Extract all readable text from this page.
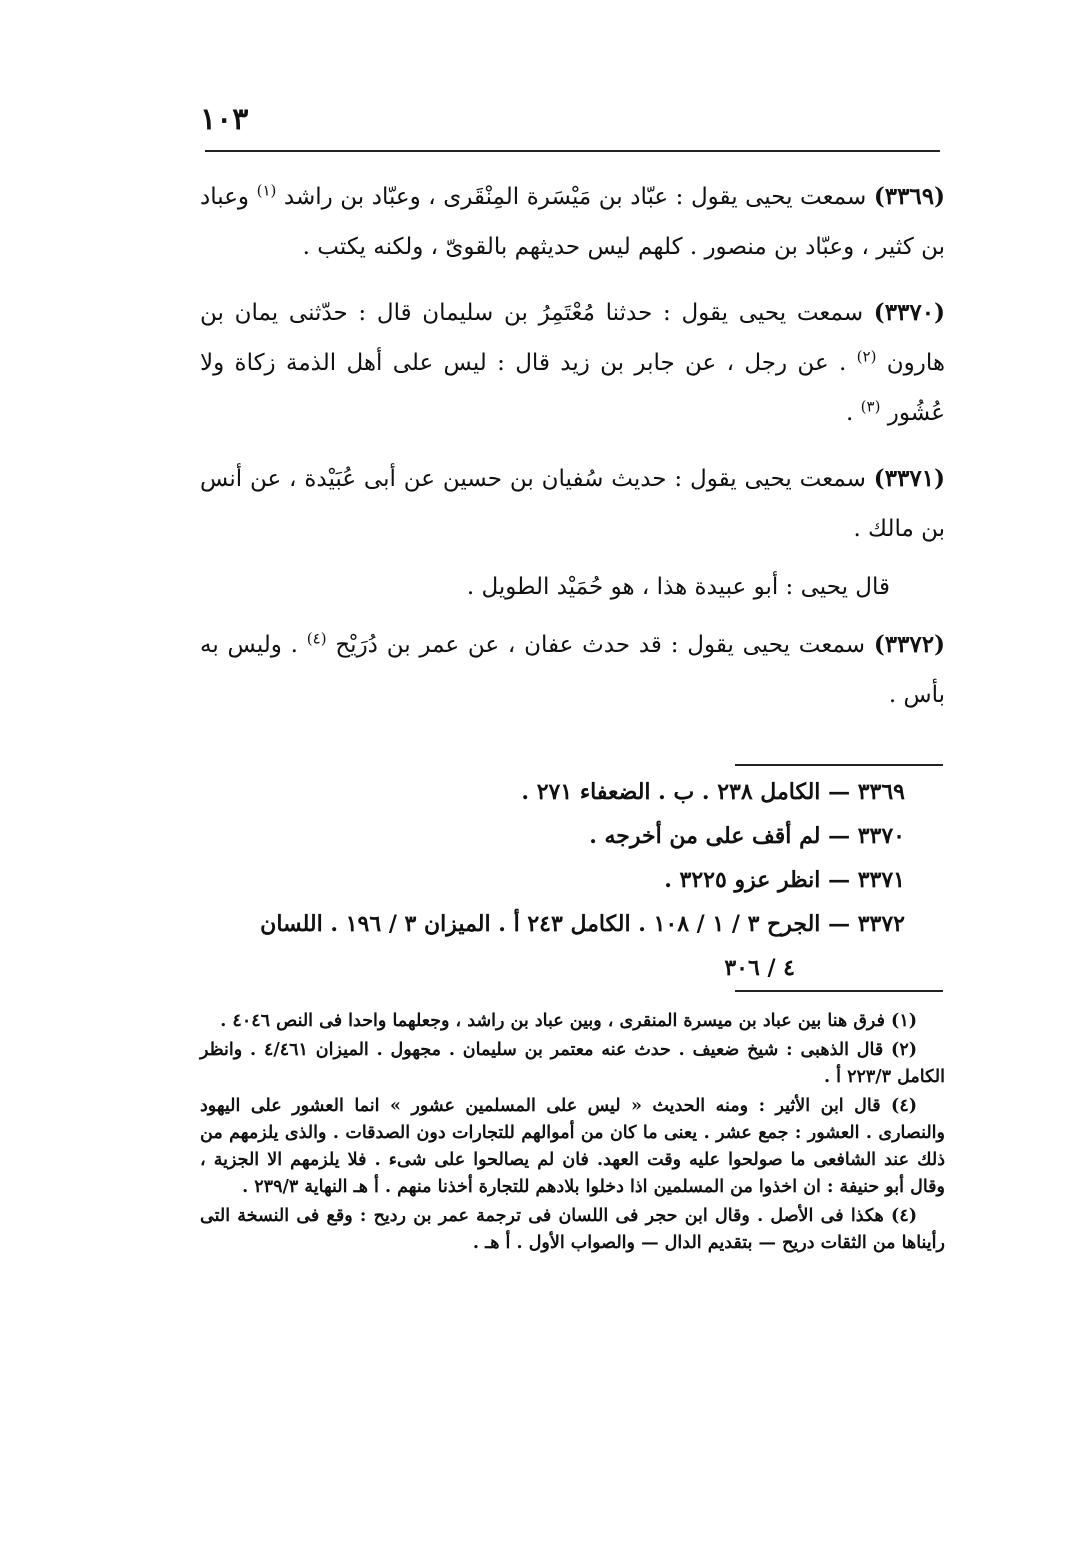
١٠٣

(٣٣٦٩) سمعت يحيى يقول : عبّاد بن مَيْسَرة المِنْقَرى ، وعبّاد بن راشد $^{(١)}$ وعباد بن كثير ، وعبّاد بن منصور . كلهم ليس حديثهم بالقوىّ ، ولكنه يكتب .

(٣٣٧٠) سمعت يحيى يقول : حدثنا مُعْتَمِرُ بن سليمان قال : حدّثنى يمان بن هارون $^{(٢)}$ . عن رجل ، عن جابر بن زيد قال : ليس على أهل الذمة زكاة ولا عُشُور $^{(٣)}$ .

(٣٣٧١) سمعت يحيى يقول : حديث سُفيان بن حسين عن أبى عُبَيْدة ، عن أنس بن مالك .

قال يحيى : أبو عبيدة هذا ، هو حُمَيْد الطويل .

(٣٣٧٢) سمعت يحيى يقول : قد حدث عفان ، عن عمر بن دُرَيْح $^{(٤)}$ . وليس به بأس .

٣٣٦٩ — الكامل ٢٣٨ . ب . الضعفاء ٢٧١ .
٣٣٧٠ — لم أقف على من أخرجه .
٣٣٧١ — انظر عزو ٣٢٢٥ .
٣٣٧٢ — الجرح ٣ / ١ / ١٠٨ . الكامل ٢٤٣ أ . الميزان ٣ / ١٩٦ . اللسان
٤ / ٣٠٦

(١) فرق هنا بين عباد بن ميسرة المنقرى ، وبين عباد بن راشد ، وجعلهما واحدا فى النص ٤٠٤٦ .

(٢) قال الذهبى : شيخ ضعيف . حدث عنه معتمر بن سليمان . مجهول . الميزان ٤/٤٦١ . وانظر الكامل ٢٢٣/٣ أ .

(٤) قال ابن الأثير : ومنه الحديث « ليس على المسلمين عشور » انما العشور على اليهود والنصارى . العشور : جمع عشر . يعنى ما كان من أموالهم للتجارات دون الصدقات . والذى يلزمهم من ذلك عند الشافعى ما صولحوا عليه وقت العهد. فان لم يصالحوا على شىء . فلا يلزمهم الا الجزية ، وقال أبو حنيفة : ان اخذوا من المسلمين اذا دخلوا بلادهم للتجارة أخذنا منهم . أ هـ النهاية ٢٣٩/٣ .

(٤) هكذا فى الأصل . وقال ابن حجر فى اللسان فى ترجمة عمر بن رديح : وقع فى النسخة التى رأيناها من الثقات دريح — بتقديم الدال — والصواب الأول . أ هـ .
